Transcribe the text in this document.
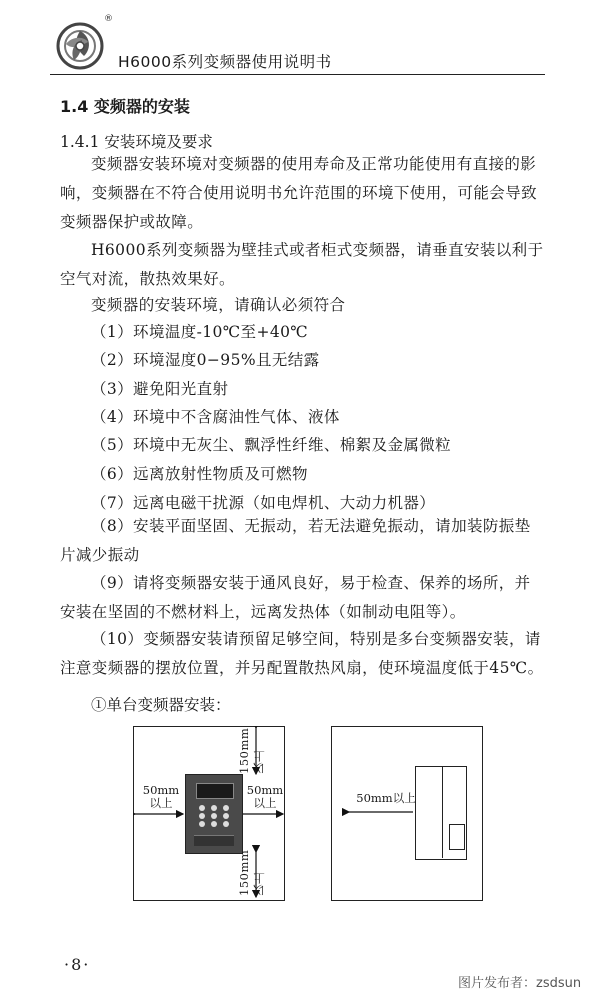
®
H6000系列变频器使用说明书
1.4 变频器的安装
1.4.1 安装环境及要求
变频器安装环境对变频器的使用寿命及正常功能使用有直接的影响，变频器在不符合使用说明书允许范围的环境下使用，可能会导致变频器保护或故障。
H6000系列变频器为壁挂式或者柜式变频器，请垂直安装以利于空气对流，散热效果好。
变频器的安装环境，请确认必须符合
（1）环境温度-10℃至+40℃
（2）环境湿度0−95%且无结露
（3）避免阳光直射
（4）环境中不含腐油性气体、液体
（5）环境中无灰尘、飘浮性纤维、棉絮及金属微粒
（6）远离放射性物质及可燃物
（7）远离电磁干扰源（如电焊机、大动力机器）
（8）安装平面坚固、无振动，若无法避免振动，请加装防振垫片减少振动
（9）请将变频器安装于通风良好，易于检查、保养的场所，并安装在坚固的不燃材料上，远离发热体（如制动电阻等）。
（10）变频器安装请预留足够空间，特别是多台变频器安装，请注意变频器的摆放位置，并另配置散热风扇，使环境温度低于45℃。
①单台变频器安装：
50mm
以上
50mm
以上
150mm以上
150mm以上
50mm以上
·8·
图片发布者：zsdsun
